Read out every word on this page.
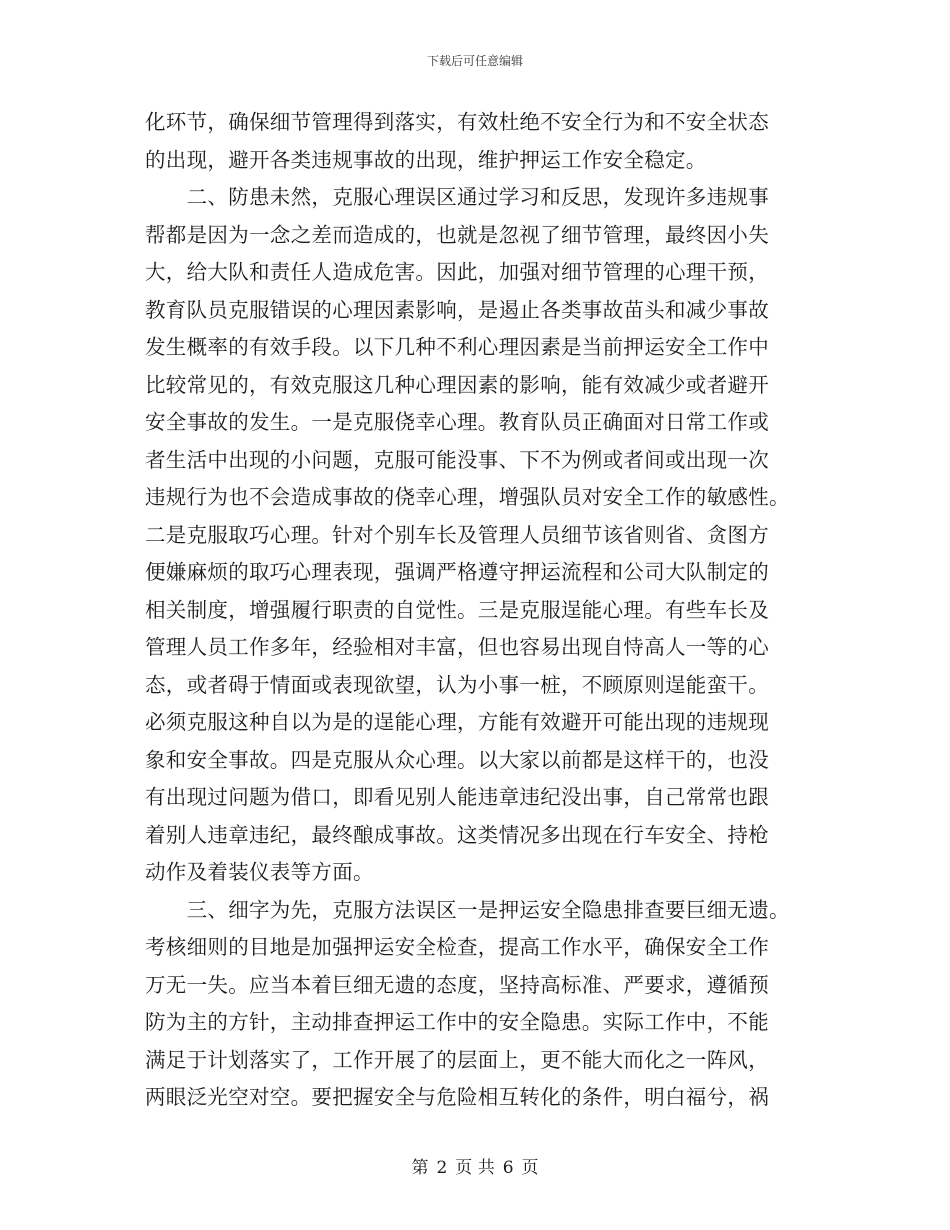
下载后可任意编辑
化环节，确保细节管理得到落实，有效杜绝不安全行为和不安全状态
的出现，避开各类违规事故的出现，维护押运工作安全稳定。
　　二、防患未然，克服心理误区通过学习和反思，发现许多违规事
帮都是因为一念之差而造成的，也就是忽视了细节管理，最终因小失
大，给大队和责任人造成危害。因此，加强对细节管理的心理干预，
教育队员克服错误的心理因素影响，是遏止各类事故苗头和减少事故
发生概率的有效手段。以下几种不利心理因素是当前押运安全工作中
比较常见的，有效克服这几种心理因素的影响，能有效减少或者避开
安全事故的发生。一是克服侥幸心理。教育队员正确面对日常工作或
者生活中出现的小问题，克服可能没事、下不为例或者间或出现一次
违规行为也不会造成事故的侥幸心理，增强队员对安全工作的敏感性。
二是克服取巧心理。针对个别车长及管理人员细节该省则省、贪图方
便嫌麻烦的取巧心理表现，强调严格遵守押运流程和公司大队制定的
相关制度，增强履行职责的自觉性。三是克服逞能心理。有些车长及
管理人员工作多年，经验相对丰富，但也容易出现自恃高人一等的心
态，或者碍于情面或表现欲望，认为小事一桩，不顾原则逞能蛮干。
必须克服这种自以为是的逞能心理，方能有效避开可能出现的违规现
象和安全事故。四是克服从众心理。以大家以前都是这样干的，也没
有出现过问题为借口，即看见别人能违章违纪没出事，自己常常也跟
着别人违章违纪，最终酿成事故。这类情况多出现在行车安全、持枪
动作及着装仪表等方面。
　　三、细字为先，克服方法误区一是押运安全隐患排查要巨细无遗。
考核细则的目地是加强押运安全检查，提高工作水平，确保安全工作
万无一失。应当本着巨细无遗的态度，坚持高标准、严要求，遵循预
防为主的方针，主动排查押运工作中的安全隐患。实际工作中，不能
满足于计划落实了，工作开展了的层面上，更不能大而化之一阵风，
两眼泛光空对空。要把握安全与危险相互转化的条件，明白福兮，祸
第 2 页 共 6 页
